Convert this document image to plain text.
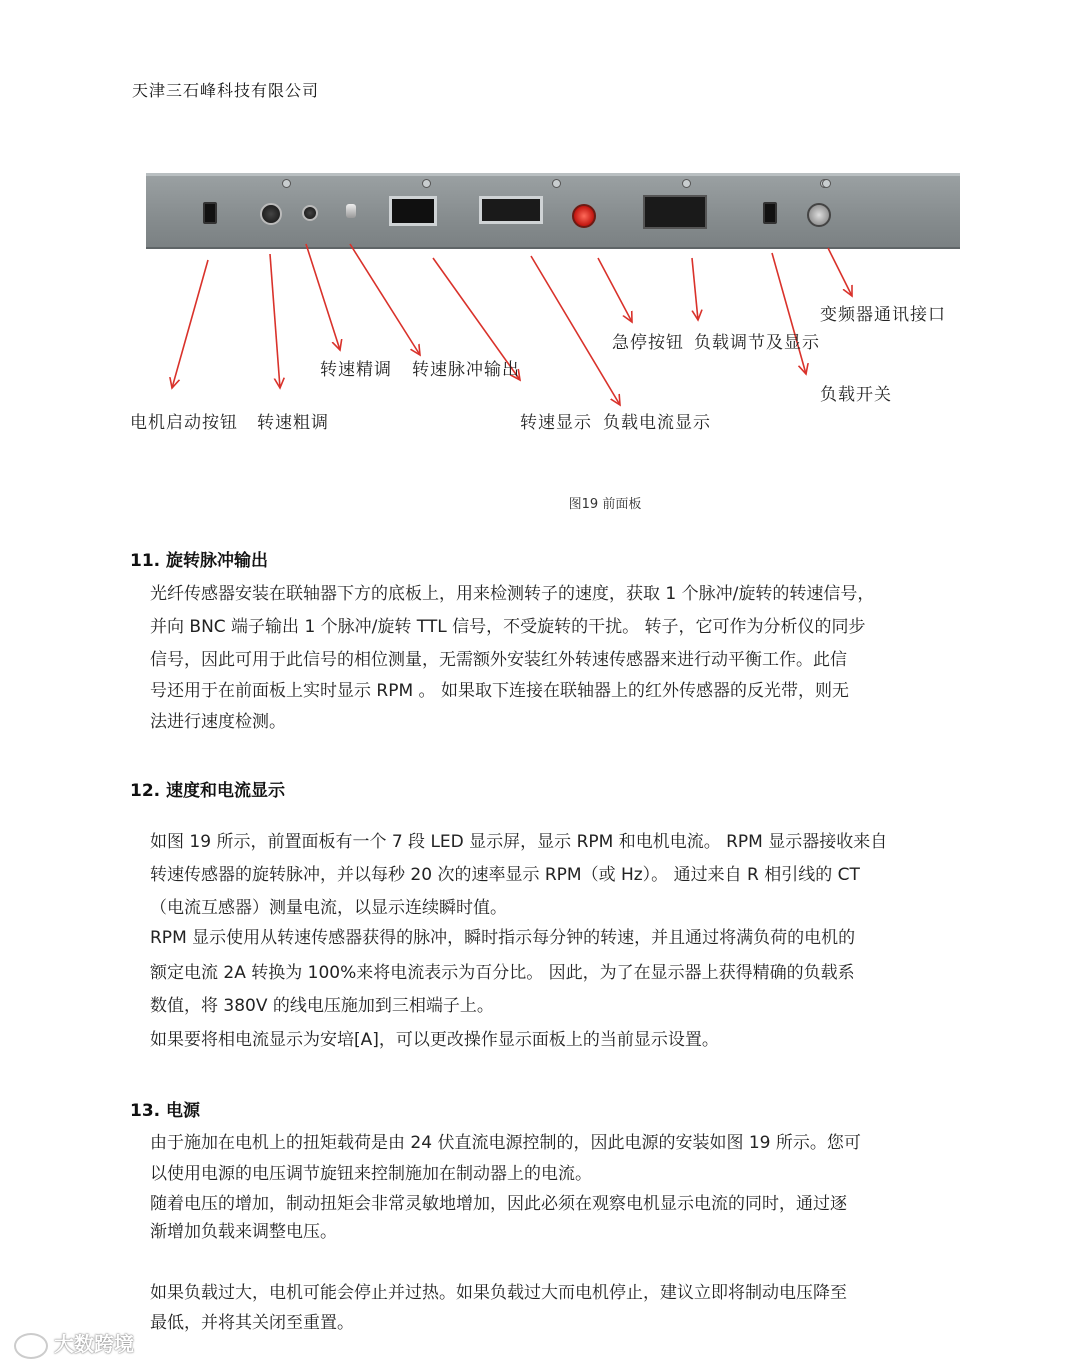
天津三石峰科技有限公司
电机启动按钮 转速粗调
转速精调 转速脉冲输出
转速显示 负载电流显示
急停按钮 负载调节及显示
变频器通讯接口
负载开关
图19 前面板
11. 旋转脉冲输出
光纤传感器安装在联轴器下方的底板上，用来检测转子的速度，获取 1 个脉冲/旋转的转速信号，
并向 BNC 端子输出 1 个脉冲/旋转 TTL 信号，不受旋转的干扰。 转子，它可作为分析仪的同步
信号，因此可用于此信号的相位测量，无需额外安装红外转速传感器来进行动平衡工作。此信
号还用于在前面板上实时显示 RPM 。 如果取下连接在联轴器上的红外传感器的反光带，则无
法进行速度检测。
12. 速度和电流显示
如图 19 所示，前置面板有一个 7 段 LED 显示屏，显示 RPM 和电机电流。 RPM 显示器接收来自
转速传感器的旋转脉冲，并以每秒 20 次的速率显示 RPM（或 Hz）。 通过来自 R 相引线的 CT
（电流互感器）测量电流，以显示连续瞬时值。
RPM 显示使用从转速传感器获得的脉冲，瞬时指示每分钟的转速，并且通过将满负荷的电机的
额定电流 2A 转换为 100%来将电流表示为百分比。 因此，为了在显示器上获得精确的负载系
数值，将 380V 的线电压施加到三相端子上。
如果要将相电流显示为安培[A]，可以更改操作显示面板上的当前显示设置。
13. 电源
由于施加在电机上的扭矩载荷是由 24 伏直流电源控制的，因此电源的安装如图 19 所示。您可
以使用电源的电压调节旋钮来控制施加在制动器上的电流。
随着电压的增加，制动扭矩会非常灵敏地增加，因此必须在观察电机显示电流的同时，通过逐
渐增加负载来调整电压。
如果负载过大，电机可能会停止并过热。如果负载过大而电机停止，建议立即将制动电压降至
最低，并将其关闭至重置。
大数跨境
